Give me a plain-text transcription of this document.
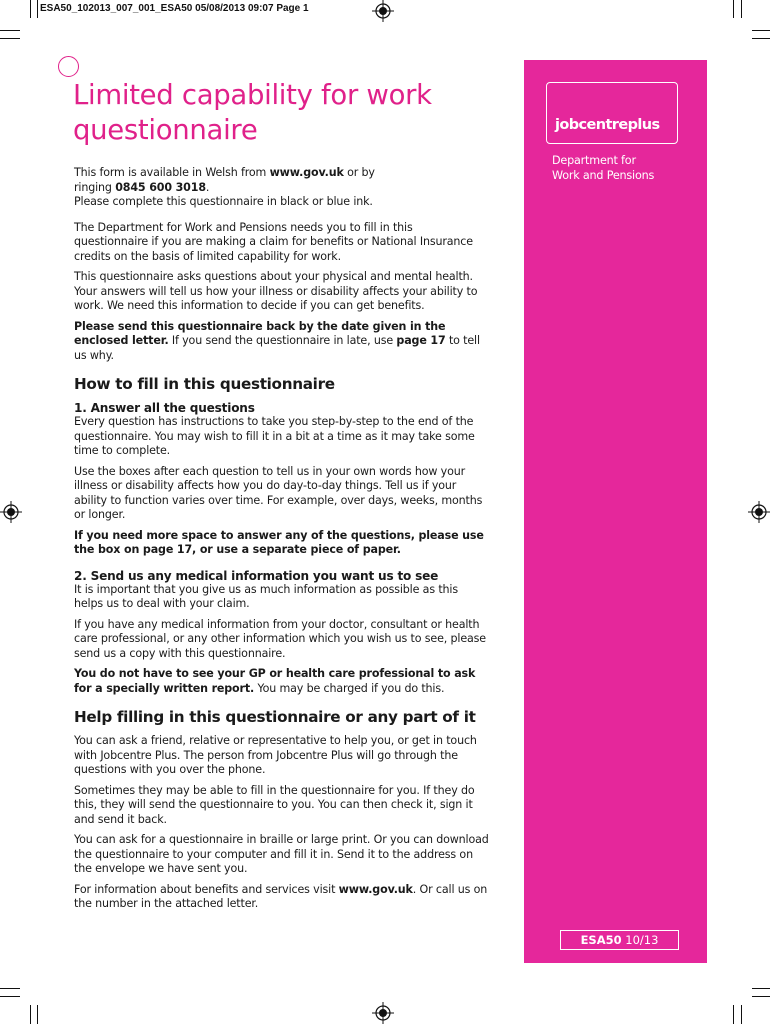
ESA50_102013_007_001_ESA50 05/08/2013 09:07 Page 1
Limited capability for work
questionnaire

This form is available in Welsh from www.gov.uk or by
ringing 0845 600 3018.

Please complete this questionnaire in black or blue ink.

The Department for Work and Pensions needs you to fill in this questionnaire if you are making a claim for benefits or National Insurance credits on the basis of limited capability for work.

This questionnaire asks questions about your physical and mental health. Your answers will tell us how your illness or disability affects your ability to work. We need this information to decide if you can get benefits.

Please send this questionnaire back by the date given in the enclosed letter. If you send the questionnaire in late, use page 17 to tell us why.

How to fill in this questionnaire
1. Answer all the questions

Every question has instructions to take you step-by-step to the end of the questionnaire. You may wish to fill it in a bit at a time as it may take some time to complete.

Use the boxes after each question to tell us in your own words how your illness or disability affects how you do day-to-day things. Tell us if your ability to function varies over time. For example, over days, weeks, months or longer.

If you need more space to answer any of the questions, please use the box on page 17, or use a separate piece of paper.

2. Send us any medical information you want us to see

It is important that you give us as much information as possible as this helps us to deal with your claim.

If you have any medical information from your doctor, consultant or health care professional, or any other information which you wish us to see, please send us a copy with this questionnaire.

You do not have to see your GP or health care professional to ask for a specially written report. You may be charged if you do this.

Help filling in this questionnaire or any part of it

You can ask a friend, relative or representative to help you, or get in touch with Jobcentre Plus. The person from Jobcentre Plus will go through the questions with you over the phone.

Sometimes they may be able to fill in the questionnaire for you. If they do this, they will send the questionnaire to you. You can then check it, sign it and send it back.

You can ask for a questionnaire in braille or large print. Or you can download the questionnaire to your computer and fill it in. Send it to the address on the envelope we have sent you.

For information about benefits and services visit www.gov.uk. Or call us on the number in the attached letter.

jobcentreplus
Department for
Work and Pensions
ESA50 10/13
